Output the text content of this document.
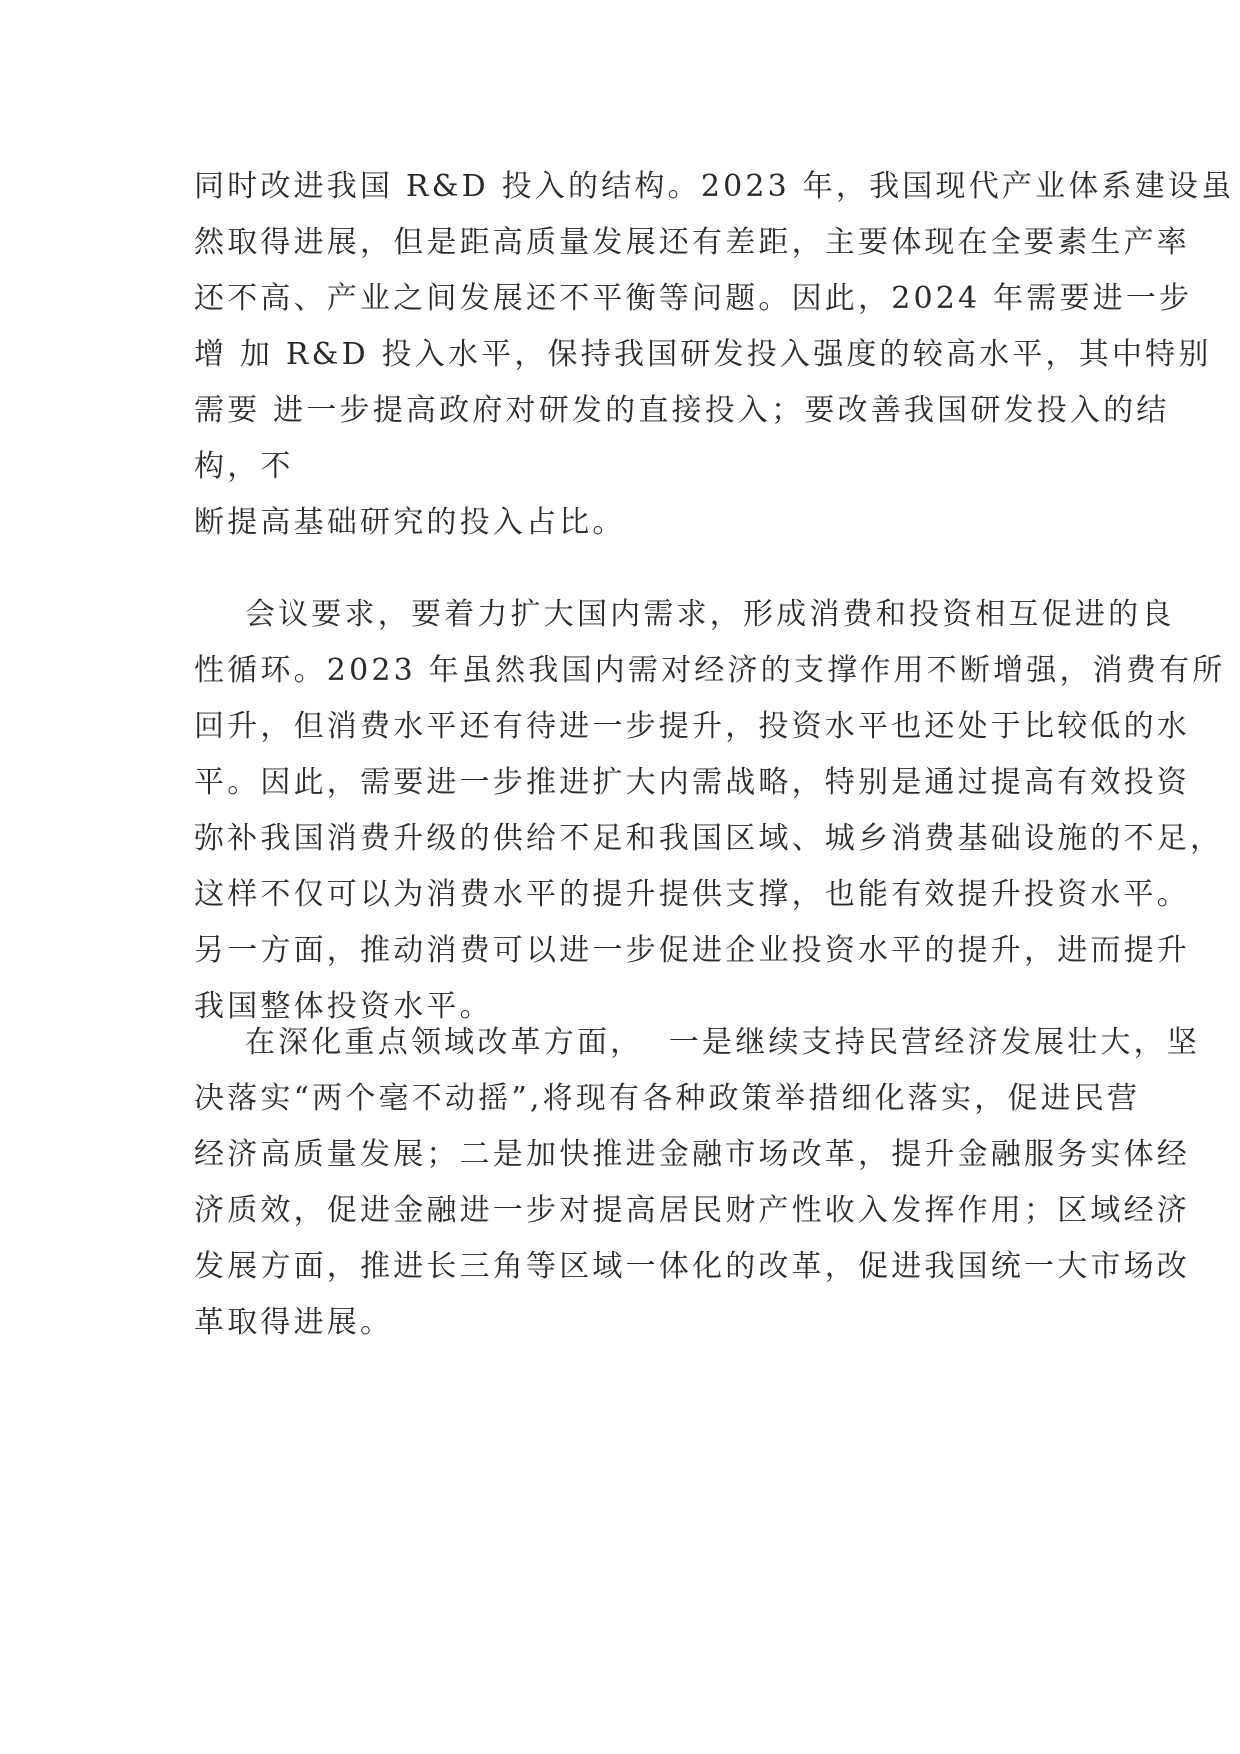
同时改进我国 R&D 投入的结构。2023 年，我国现代产业体系建设虽
然取得进展，但是距高质量发展还有差距，主要体现在全要素生产率
还不高、产业之间发展还不平衡等问题。因此，2024 年需要进一步
增 加 R&D 投入水平，保持我国研发投入强度的较高水平，其中特别
需要 进一步提高政府对研发的直接投入；要改善我国研发投入的结
构，不
断提高基础研究的投入占比。
会议要求，要着力扩大国内需求，形成消费和投资相互促进的良
性循环。2023 年虽然我国内需对经济的支撑作用不断增强，消费有所
回升，但消费水平还有待进一步提升，投资水平也还处于比较低的水
平。因此，需要进一步推进扩大内需战略，特别是通过提高有效投资
弥补我国消费升级的供给不足和我国区域、城乡消费基础设施的不足，
这样不仅可以为消费水平的提升提供支撑，也能有效提升投资水平。
另一方面，推动消费可以进一步促进企业投资水平的提升，进而提升
我国整体投资水平。
在深化重点领域改革方面，  一是继续支持民营经济发展壮大，坚
决落实“两个毫不动摇”,将现有各种政策举措细化落实，促进民营
经济高质量发展；二是加快推进金融市场改革，提升金融服务实体经
济质效，促进金融进一步对提高居民财产性收入发挥作用；区域经济
发展方面，推进长三角等区域一体化的改革，促进我国统一大市场改
革取得进展。
